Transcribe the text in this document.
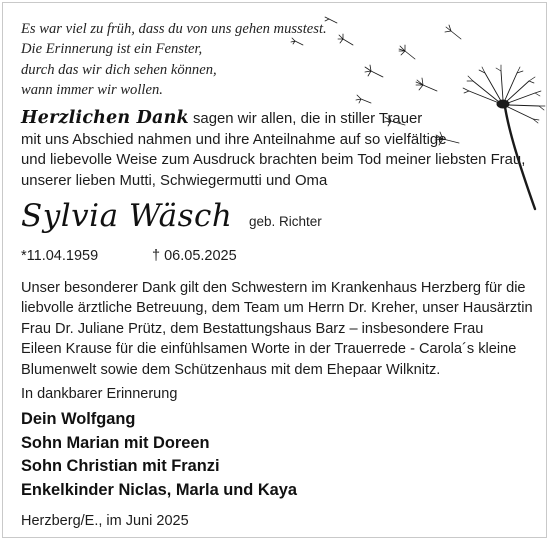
Es war viel zu früh, dass du von uns gehen musstest.
Die Erinnerung ist ein Fenster,
durch das wir dich sehen können,
wann immer wir wollen.
Herzlichen Dank sagen wir allen, die in stiller Trauer
mit uns Abschied nahmen und ihre Anteilnahme auf so vielfältige
und liebevolle Weise zum Ausdruck brachten beim Tod meiner liebsten Frau,
unserer lieben Mutti, Schwiegermutti und Oma
Sylvia Wäsch geb. Richter
*11.04.1959	† 06.05.2025
Unser besonderer Dank gilt den Schwestern im Krankenhaus Herzberg für die
liebvolle ärztliche Betreuung, dem Team um Herrn Dr. Kreher, unser Hausärztin
Frau Dr. Juliane Prütz, dem Bestattungshaus Barz – insbesondere Frau
Eileen Krause für die einfühlsamen Worte in der Trauerrede - Carola´s kleine
Blumenwelt sowie dem Schützenhaus mit dem Ehepaar Wilknitz.
In dankbarer Erinnerung
Dein Wolfgang
Sohn Marian mit Doreen
Sohn Christian mit Franzi
Enkelkinder Niclas, Marla und Kaya
Herzberg/E., im Juni 2025
